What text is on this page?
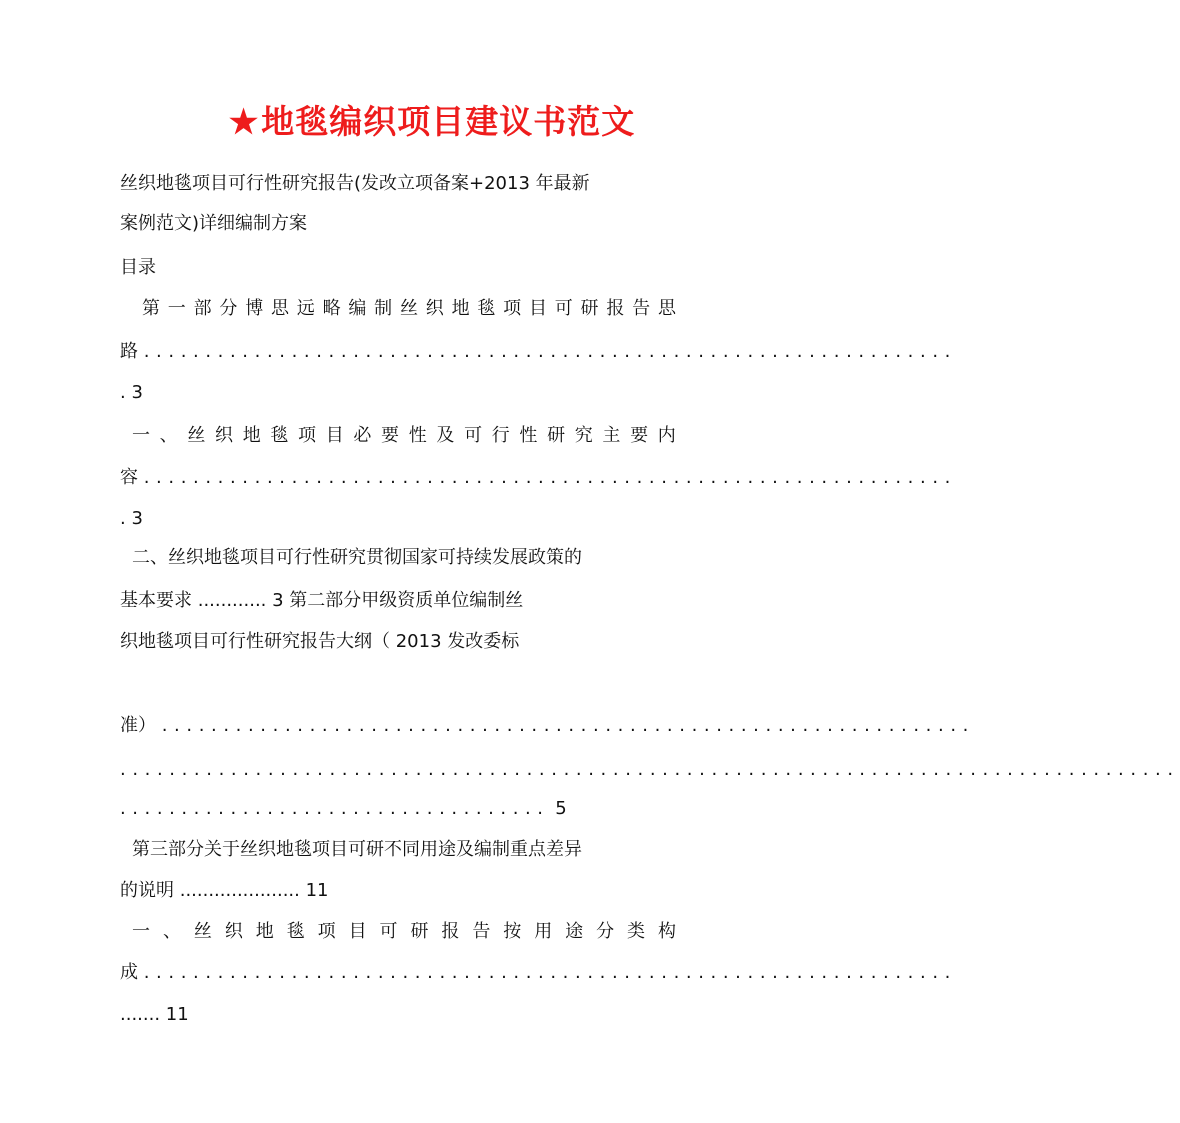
★地毯编织项目建议书范文
丝织地毯项目可行性研究报告(发改立项备案+2013 年最新
案例范文)详细编制方案
目录
第 一 部 分 博 思 远 略 编 制 丝 织 地 毯 项 目 可 研 报 告 思
路 ..................................................................
. 3
一 、 丝 织 地 毯 项 目 必 要 性 及 可 行 性 研 究 主 要 内
容 ..................................................................
. 3
二、丝织地毯项目可行性研究贯彻国家可持续发展政策的
基本要求 ............ 3 第二部分甲级资质单位编制丝
织地毯项目可行性研究报告大纲（ 2013 发改委标
准） ..................................................................
......................................................................................
................................... 5
第三部分关于丝织地毯项目可研不同用途及编制重点差异
的说明 ..................... 11
一 、 丝 织 地 毯 项 目 可 研 报 告 按 用 途 分 类 构
成 ..................................................................
....... 11
